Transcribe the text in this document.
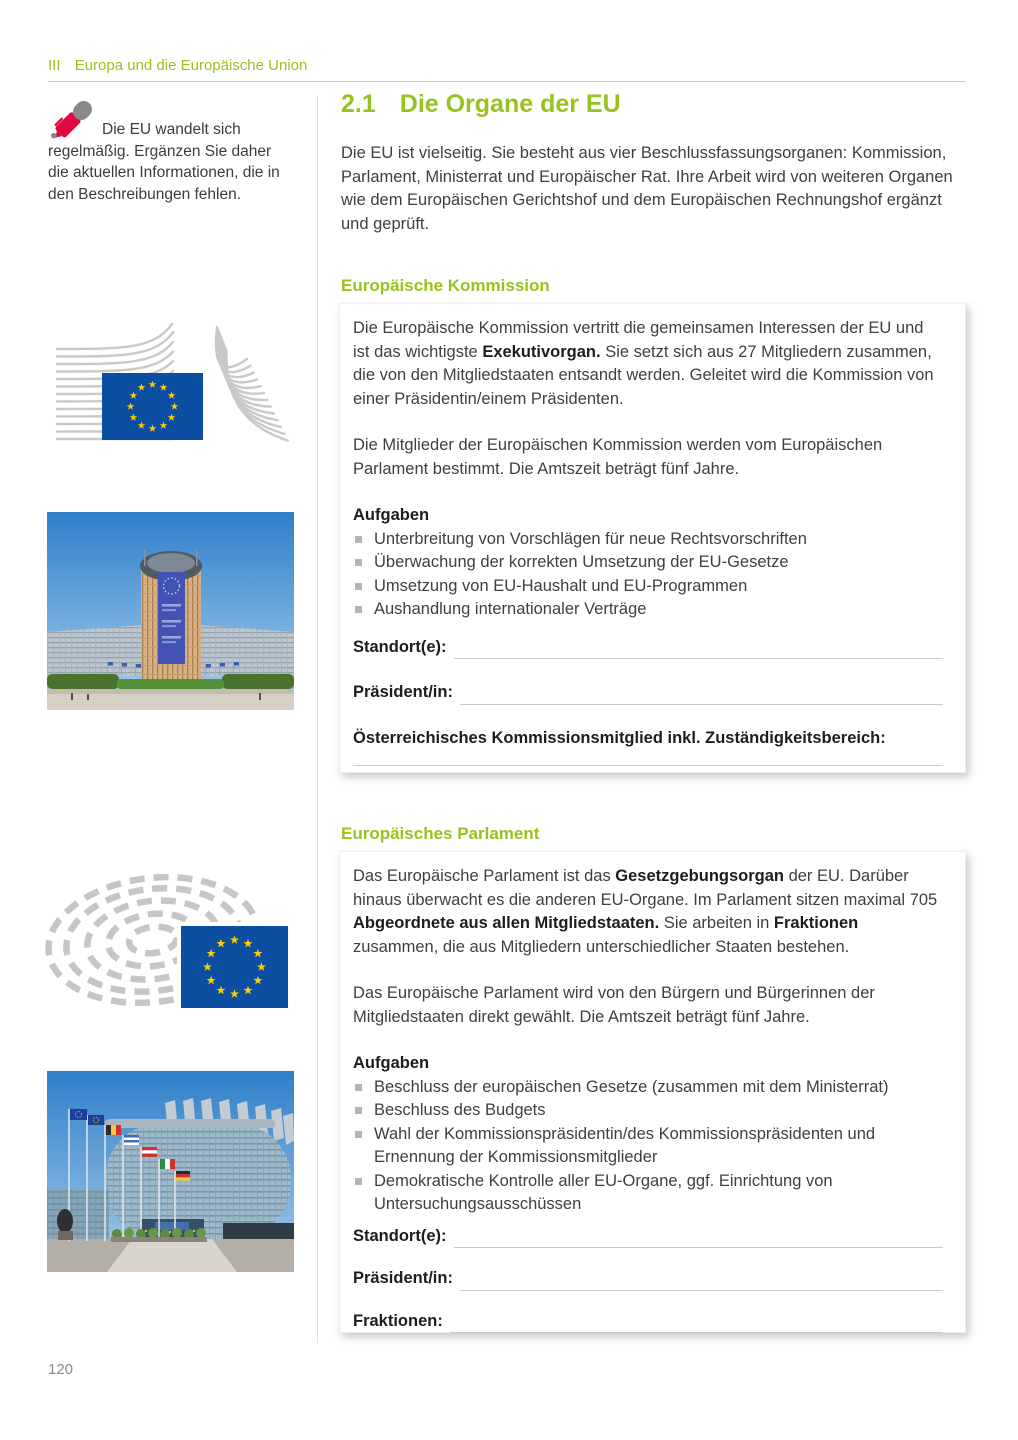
III Europa und die Europäische Union
Die EU wandelt sich regelmäßig. Ergänzen Sie daher die aktuellen Informationen, die in den Beschreibungen fehlen.
2.1 Die Organe der EU
Die EU ist vielseitig. Sie besteht aus vier Beschlussfassungsorganen: Kommission, Parlament, Ministerrat und Europäischer Rat. Ihre Arbeit wird von weiteren Organen wie dem Europäischen Gerichtshof und dem Europäischen Rechnungshof ergänzt und geprüft.
Europäische Kommission

Die Europäische Kommission vertritt die gemeinsamen Interessen der EU und ist das wichtigste Exekutivorgan. Sie setzt sich aus 27 Mitgliedern zusammen, die von den Mitgliedstaaten entsandt werden. Geleitet wird die Kommission von einer Präsidentin/einem Präsidenten.

Die Mitglieder der Europäischen Kommission werden vom Europäischen Parlament bestimmt. Die Amtszeit beträgt fünf Jahre.

Aufgaben
Unterbreitung von Vorschlägen für neue Rechtsvorschriften
Überwachung der korrekten Umsetzung der EU-Gesetze
Umsetzung von EU-Haushalt und EU-Programmen
Aushandlung internationaler Verträge
Standort(e):
Präsident/in:
Österreichisches Kommissionsmitglied inkl. Zuständigkeitsbereich:
Europäisches Parlament

Das Europäische Parlament ist das Gesetzgebungsorgan der EU. Darüber hinaus überwacht es die anderen EU-Organe. Im Parlament sitzen maximal 705 Abgeordnete aus allen Mitgliedstaaten. Sie arbeiten in Fraktionen zusammen, die aus Mitgliedern unterschiedlicher Staaten bestehen.

Das Europäische Parlament wird von den Bürgern und Bürgerinnen der Mitgliedstaaten direkt gewählt. Die Amtszeit beträgt fünf Jahre.

Aufgaben
Beschluss der europäischen Gesetze (zusammen mit dem Ministerrat)
Beschluss des Budgets
Wahl der Kommissionspräsidentin/des Kommissionspräsidenten und Ernennung der Kommissionsmitglieder
Demokratische Kontrolle aller EU-Organe, ggf. Einrichtung von Untersuchungsausschüssen
Standort(e):
Präsident/in:
Fraktionen:
120
